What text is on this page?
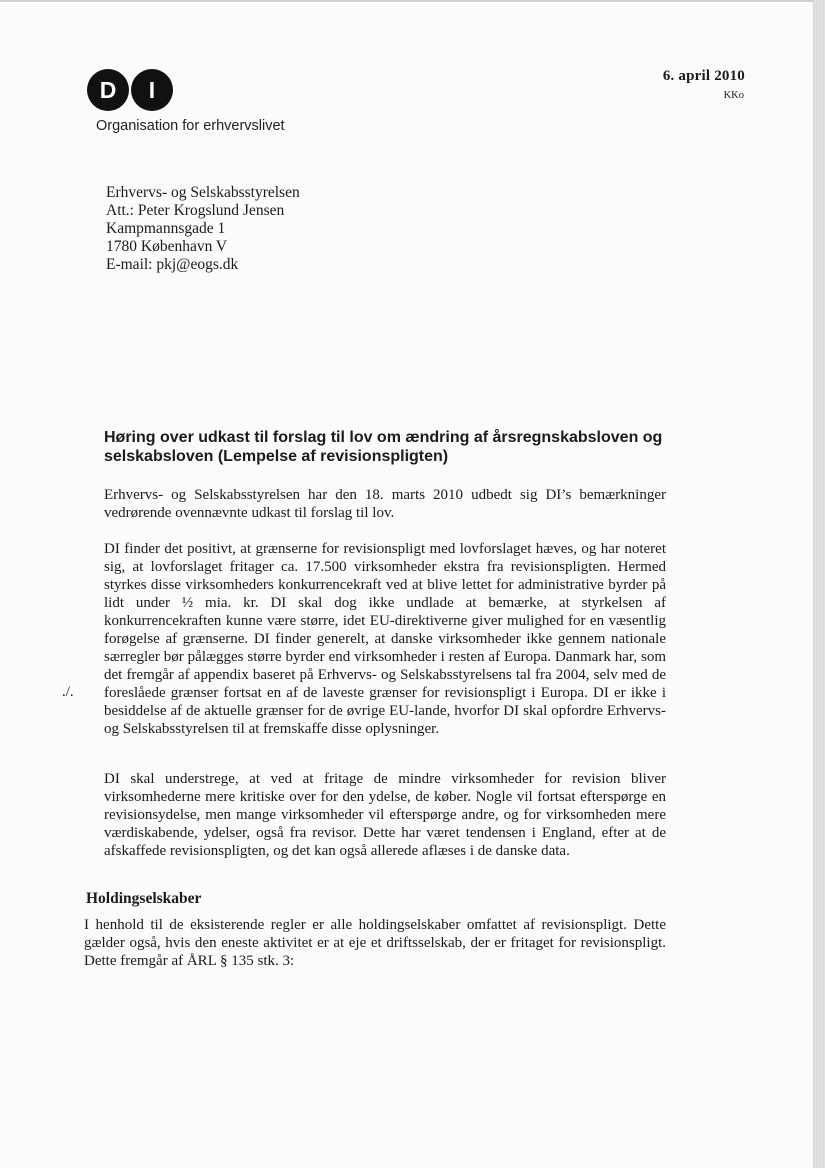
D I
Organisation for erhvervslivet
6. april 2010
KKo
Erhvervs- og Selskabsstyrelsen
Att.: Peter Krogslund Jensen
Kampmannsgade 1
1780 København V
E-mail: pkj@eogs.dk
Høring over udkast til forslag til lov om ændring af årsregnskabsloven og selskabsloven (Lempelse af revisionspligten)
Erhvervs- og Selskabsstyrelsen har den 18. marts 2010 udbedt sig DI’s bemærkninger vedrørende ovennævnte udkast til forslag til lov.
DI finder det positivt, at grænserne for revisionspligt med lovforslaget hæves, og har noteret sig, at lovforslaget fritager ca. 17.500 virksomheder ekstra fra revisionspligten. Hermed styrkes disse virksomheders konkurrencekraft ved at blive lettet for administrative byrder på lidt under ½ mia. kr. DI skal dog ikke undlade at bemærke, at styrkelsen af konkurrencekraften kunne være større, idet EU-direktiverne giver mulighed for en væsentlig forøgelse af grænserne. DI finder generelt, at danske virksomheder ikke gennem nationale særregler bør pålægges større byrder end virksomheder i resten af Europa. Danmark har, som det fremgår af appendix baseret på Erhvervs- og Selskabsstyrelsens tal fra 2004, selv med de foreslåede grænser fortsat en af de laveste grænser for revisionspligt i Europa. DI er ikke i besiddelse af de aktuelle grænser for de øvrige EU-lande, hvorfor DI skal opfordre Erhvervs- og Selskabsstyrelsen til at fremskaffe disse oplysninger.
./.
DI skal understrege, at ved at fritage de mindre virksomheder for revision bliver virksomhederne mere kritiske over for den ydelse, de køber. Nogle vil fortsat efterspørge en revisionsydelse, men mange virksomheder vil efterspørge andre, og for virksomheden mere værdiskabende, ydelser, også fra revisor. Dette har været tendensen i England, efter at de afskaffede revisionspligten, og det kan også allerede aflæses i de danske data.
Holdingselskaber
I henhold til de eksisterende regler er alle holdingselskaber omfattet af revisionspligt. Dette gælder også, hvis den eneste aktivitet er at eje et driftsselskab, der er fritaget for revisionspligt. Dette fremgår af ÅRL § 135 stk. 3:
